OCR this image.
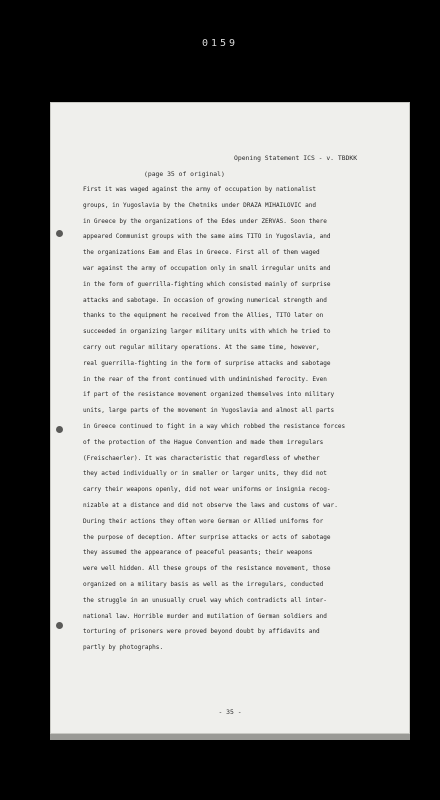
0159
Opening Statement ICS - v. TBDKK
(page 35 of original)
First it was waged against the army of occupation by nationalist
groups, in Yugoslavia by the Chetniks under DRAZA MIHAILOVIC and
in Greece by the organizations of the Edes under ZERVAS. Soon there
appeared Communist groups with the same aims TITO in Yugoslavia, and
the organizations Eam and Elas in Greece. First all of them waged
war against the army of occupation only in small irregular units and
in the form of guerrilla-fighting which consisted mainly of surprise
attacks and sabotage. In occasion of growing numerical strength and
thanks to the equipment he received from the Allies, TITO later on
succeeded in organizing larger military units with which he tried to
carry out regular military operations. At the same time, however,
real guerrilla-fighting in the form of surprise attacks and sabotage
in the rear of the front continued with undiminished ferocity. Even
if part of the resistance movement organized themselves into military
units, large parts of the movement in Yugoslavia and almost all parts
in Greece continued to fight in a way which robbed the resistance forces
of the protection of the Hague Convention and made them irregulars
(Freischaerler). It was characteristic that regardless of whether
they acted individually or in smaller or larger units, they did not
carry their weapons openly, did not wear uniforms or insignia recog-
nizable at a distance and did not observe the laws and customs of war.
During their actions they often wore German or Allied uniforms for
the purpose of deception. After surprise attacks or acts of sabotage
they assumed the appearance of peaceful peasants; their weapons
were well hidden. All these groups of the resistance movement, those
organized on a military basis as well as the irregulars, conducted
the struggle in an unusually cruel way which contradicts all inter-
national law. Horrible murder and mutilation of German soldiers and
torturing of prisoners were proved beyond doubt by affidavits and
partly by photographs.
- 35 -
